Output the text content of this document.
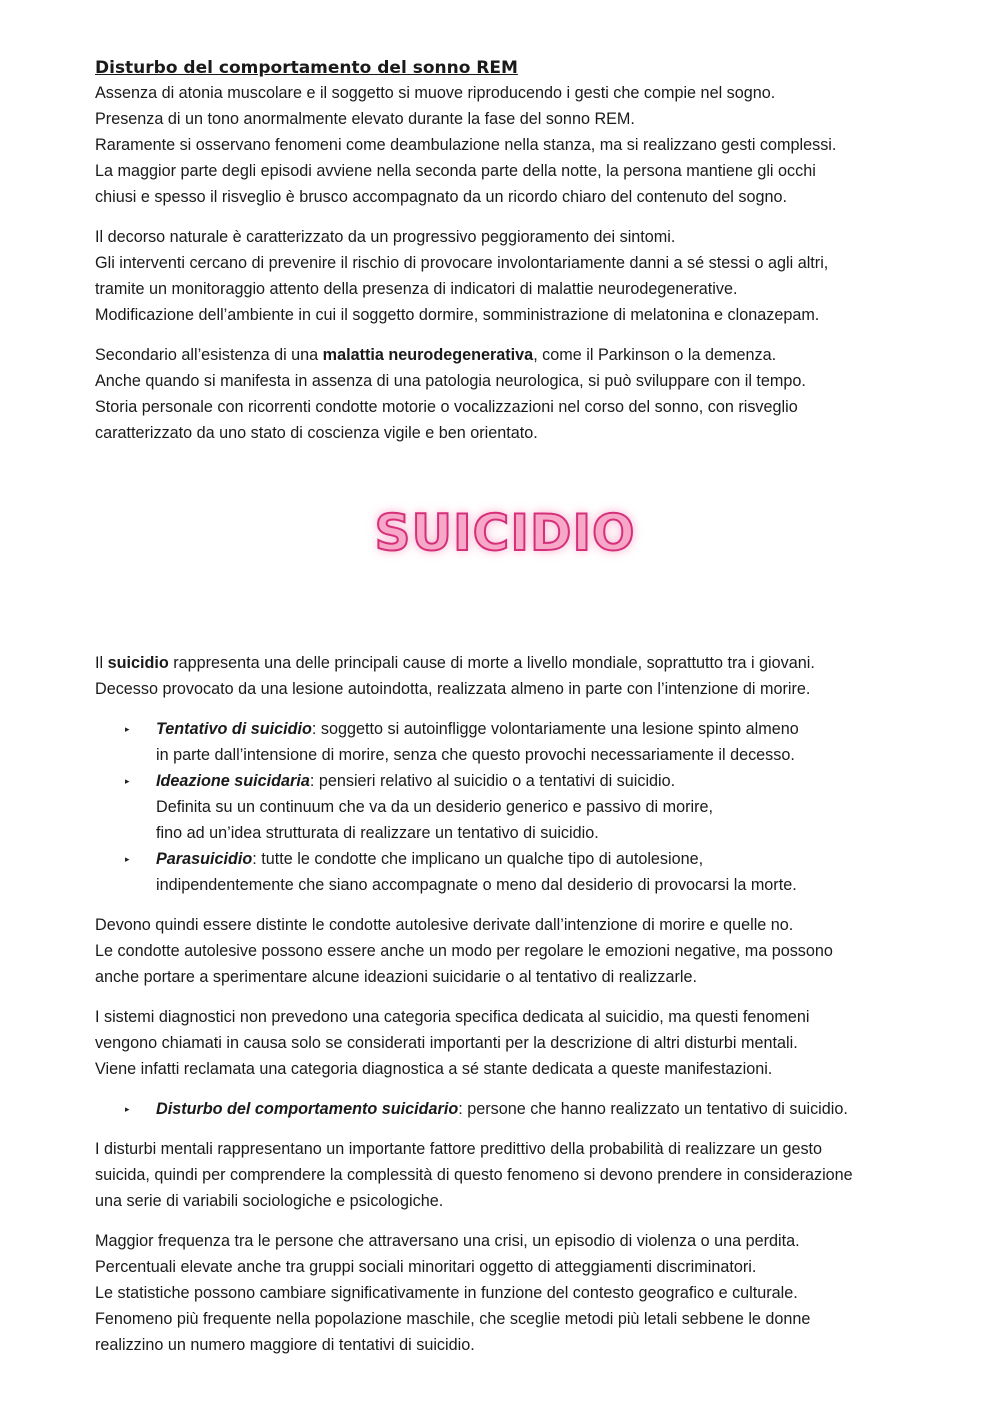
Disturbo del comportamento del sonno REM
Assenza di atonia muscolare e il soggetto si muove riproducendo i gesti che compie nel sogno.
Presenza di un tono anormalmente elevato durante la fase del sonno REM.
Raramente si osservano fenomeni come deambulazione nella stanza, ma si realizzano gesti complessi.
La maggior parte degli episodi avviene nella seconda parte della notte, la persona mantiene gli occhi
chiusi e spesso il risveglio è brusco accompagnato da un ricordo chiaro del contenuto del sogno.
Il decorso naturale è caratterizzato da un progressivo peggioramento dei sintomi.
Gli interventi cercano di prevenire il rischio di provocare involontariamente danni a sé stessi o agli altri,
tramite un monitoraggio attento della presenza di indicatori di malattie neurodegenerative.
Modificazione dell’ambiente in cui il soggetto dormire, somministrazione di melatonina e clonazepam.
Secondario all’esistenza di una malattia neurodegenerativa, come il Parkinson o la demenza.
Anche quando si manifesta in assenza di una patologia neurologica, si può sviluppare con il tempo.
Storia personale con ricorrenti condotte motorie o vocalizzazioni nel corso del sonno, con risveglio
caratterizzato da uno stato di coscienza vigile e ben orientato.
SUICIDIO
Il suicidio rappresenta una delle principali cause di morte a livello mondiale, soprattutto tra i giovani.
Decesso provocato da una lesione autoindotta, realizzata almeno in parte con l’intenzione di morire.
▸ Tentativo di suicidio: soggetto si autoinfligge volontariamente una lesione spinto almeno
in parte dall’intensione di morire, senza che questo provochi necessariamente il decesso.
▸ Ideazione suicidaria: pensieri relativo al suicidio o a tentativi di suicidio.
Definita su un continuum che va da un desiderio generico e passivo di morire,
fino ad un’idea strutturata di realizzare un tentativo di suicidio.
▸ Parasuicidio: tutte le condotte che implicano un qualche tipo di autolesione,
indipendentemente che siano accompagnate o meno dal desiderio di provocarsi la morte.
Devono quindi essere distinte le condotte autolesive derivate dall’intenzione di morire e quelle no.
Le condotte autolesive possono essere anche un modo per regolare le emozioni negative, ma possono
anche portare a sperimentare alcune ideazioni suicidarie o al tentativo di realizzarle.
I sistemi diagnostici non prevedono una categoria specifica dedicata al suicidio, ma questi fenomeni
vengono chiamati in causa solo se considerati importanti per la descrizione di altri disturbi mentali.
Viene infatti reclamata una categoria diagnostica a sé stante dedicata a queste manifestazioni.
▸ Disturbo del comportamento suicidario: persone che hanno realizzato un tentativo di suicidio.
I disturbi mentali rappresentano un importante fattore predittivo della probabilità di realizzare un gesto
suicida, quindi per comprendere la complessità di questo fenomeno si devono prendere in considerazione
una serie di variabili sociologiche e psicologiche.
Maggior frequenza tra le persone che attraversano una crisi, un episodio di violenza o una perdita.
Percentuali elevate anche tra gruppi sociali minoritari oggetto di atteggiamenti discriminatori.
Le statistiche possono cambiare significativamente in funzione del contesto geografico e culturale.
Fenomeno più frequente nella popolazione maschile, che sceglie metodi più letali sebbene le donne
realizzino un numero maggiore di tentativi di suicidio.
